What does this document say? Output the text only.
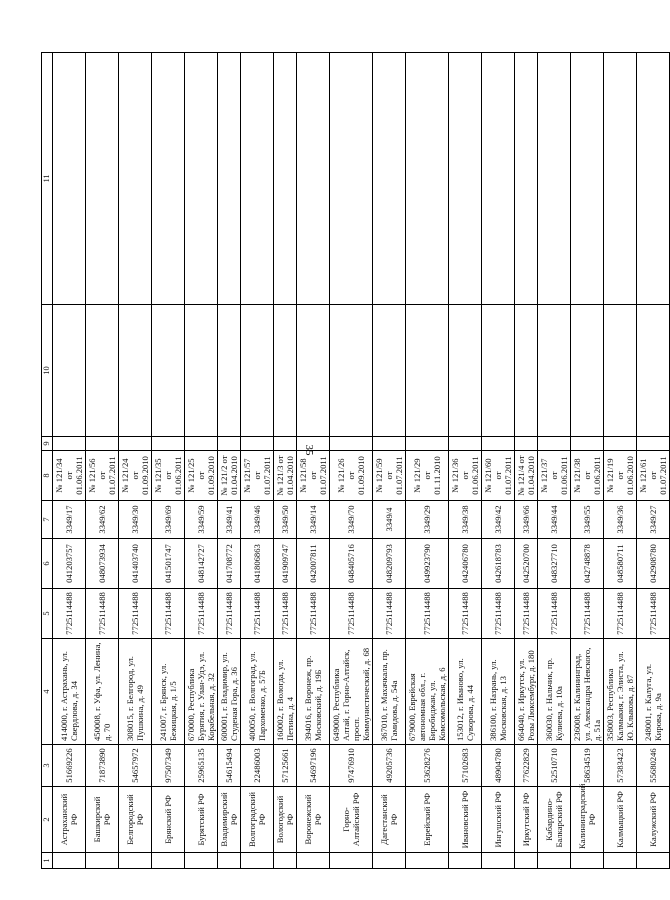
35
1	2	3	4	5	6	7	8	9	10	11
	Астраханский РФ	51669226	414000, г. Астрахань, ул. Свердлова, д. 34	7725114488	041203757	3349/17	№ 121/34 от 01.06.2011			
	Башкирский РФ	71873890	450008, г. Уфа, ул. Ленина, д. 70	7725114488	048073934	3349/62	№ 121/56 от 01.07.2011			
	Белгородский РФ	54657972	308015, г. Белгород, ул. Пушкина, д. 49	7725114488	041403740	3349/30	№ 121/24 от 01.09.2010			
	Брянский РФ	97507349	241007, г. Брянск, ул. Бежицкая, д. 1/5	7725114488	041501747	3349/69	№ 121/35 от 01.06.2011			
	Бурятский РФ	25965135	670000, Республика Бурятия, г. Улан-Удэ, ул. Корабельная, д. 32	7725114488	048142727	3349/59	№ 121/25 от 01.09.2010			
	Владимирский РФ	54615494	600001, г. Владимир, ул. Студеная Гора, д. 36	7725114488	041708772	3349/41	№ 121/2 от 01.04.2010			
	Волгоградский РФ	22486003	400050, г. Волгоград, ул. Пархоменко, д. 57Б	7725114488	041806863	3349/46	№ 121/57 от 01.07.2011			
	Вологодский РФ	57125661	160002, г. Вологда, ул. Петина, д. 4	7725114488	041909747	3349/50	№ 121/3 от 01.04.2010			
	Воронежский РФ	54697196	394016, г. Воронеж, пр. Московский, д. 19Б	7725114488	042007811	3349/14	№ 121/58 от 01.07.2011			
	Горно-Алтайский РФ	97476910	649000, Республика Алтай, г. Горно-Алтайск, просп. Коммунистический, д. 68	7725114488	048405716	3349/70	№ 121/26 от 01.09.2010			
	Дагестанский РФ	49205736	367010, г. Махачкала, пр. Гамидова, д. 54а	7725114488	048209793	3349/4	№ 121/59 от 01.07.2011			
	Еврейский РФ	53628276	679000, Еврейская автономная обл., г. Биробиджан, ул. Комсомольская, д. 6	7725114488	049923790	3349/29	№ 121/29 от 01.11.2010			
	Ивановский РФ	57102683	153012, г. Иваново, ул. Суворова, д. 44	7725114488	042406780	3349/38	№ 121/36 от 01.06.2011			
	Ингушский РФ	48904780	386100, г. Назрань, ул. Московская, д. 13	7725114488	042618783	3349/42	№ 121/60 от 01.07.2011			
	Иркутский РФ	77622829	664040, г. Иркутск, ул. Розы Люксембург, д. 180	7725114488	042520700	3349/66	№ 121/4 от 01.04.2010			
	Кабардино-Балкарский РФ	52510710	360030, г. Нальчик, пр. Кулиева, д. 10а	7725114488	048327710	3349/44	№ 121/37 от 01.06.2011			
	Калининградский РФ	58634519	236008, г. Калининград, ул. Александра Невского, д. 51а	7725114488	042748878	3349/55	№ 121/38 от 01.06.2011			
	Калмыцкий РФ	57383423	358003, Республика Калмыкия, г. Элиста, ул. Ю. Клыкова, д. 87	7725114488	048580711	3349/36	№ 121/19 от 01.06.2010			
	Калужский РФ	55680246	248001, г. Калуга, ул. Кирова, д. 9а	7725114488	042908780	3349/27	№ 121/61 от 01.07.2011			
